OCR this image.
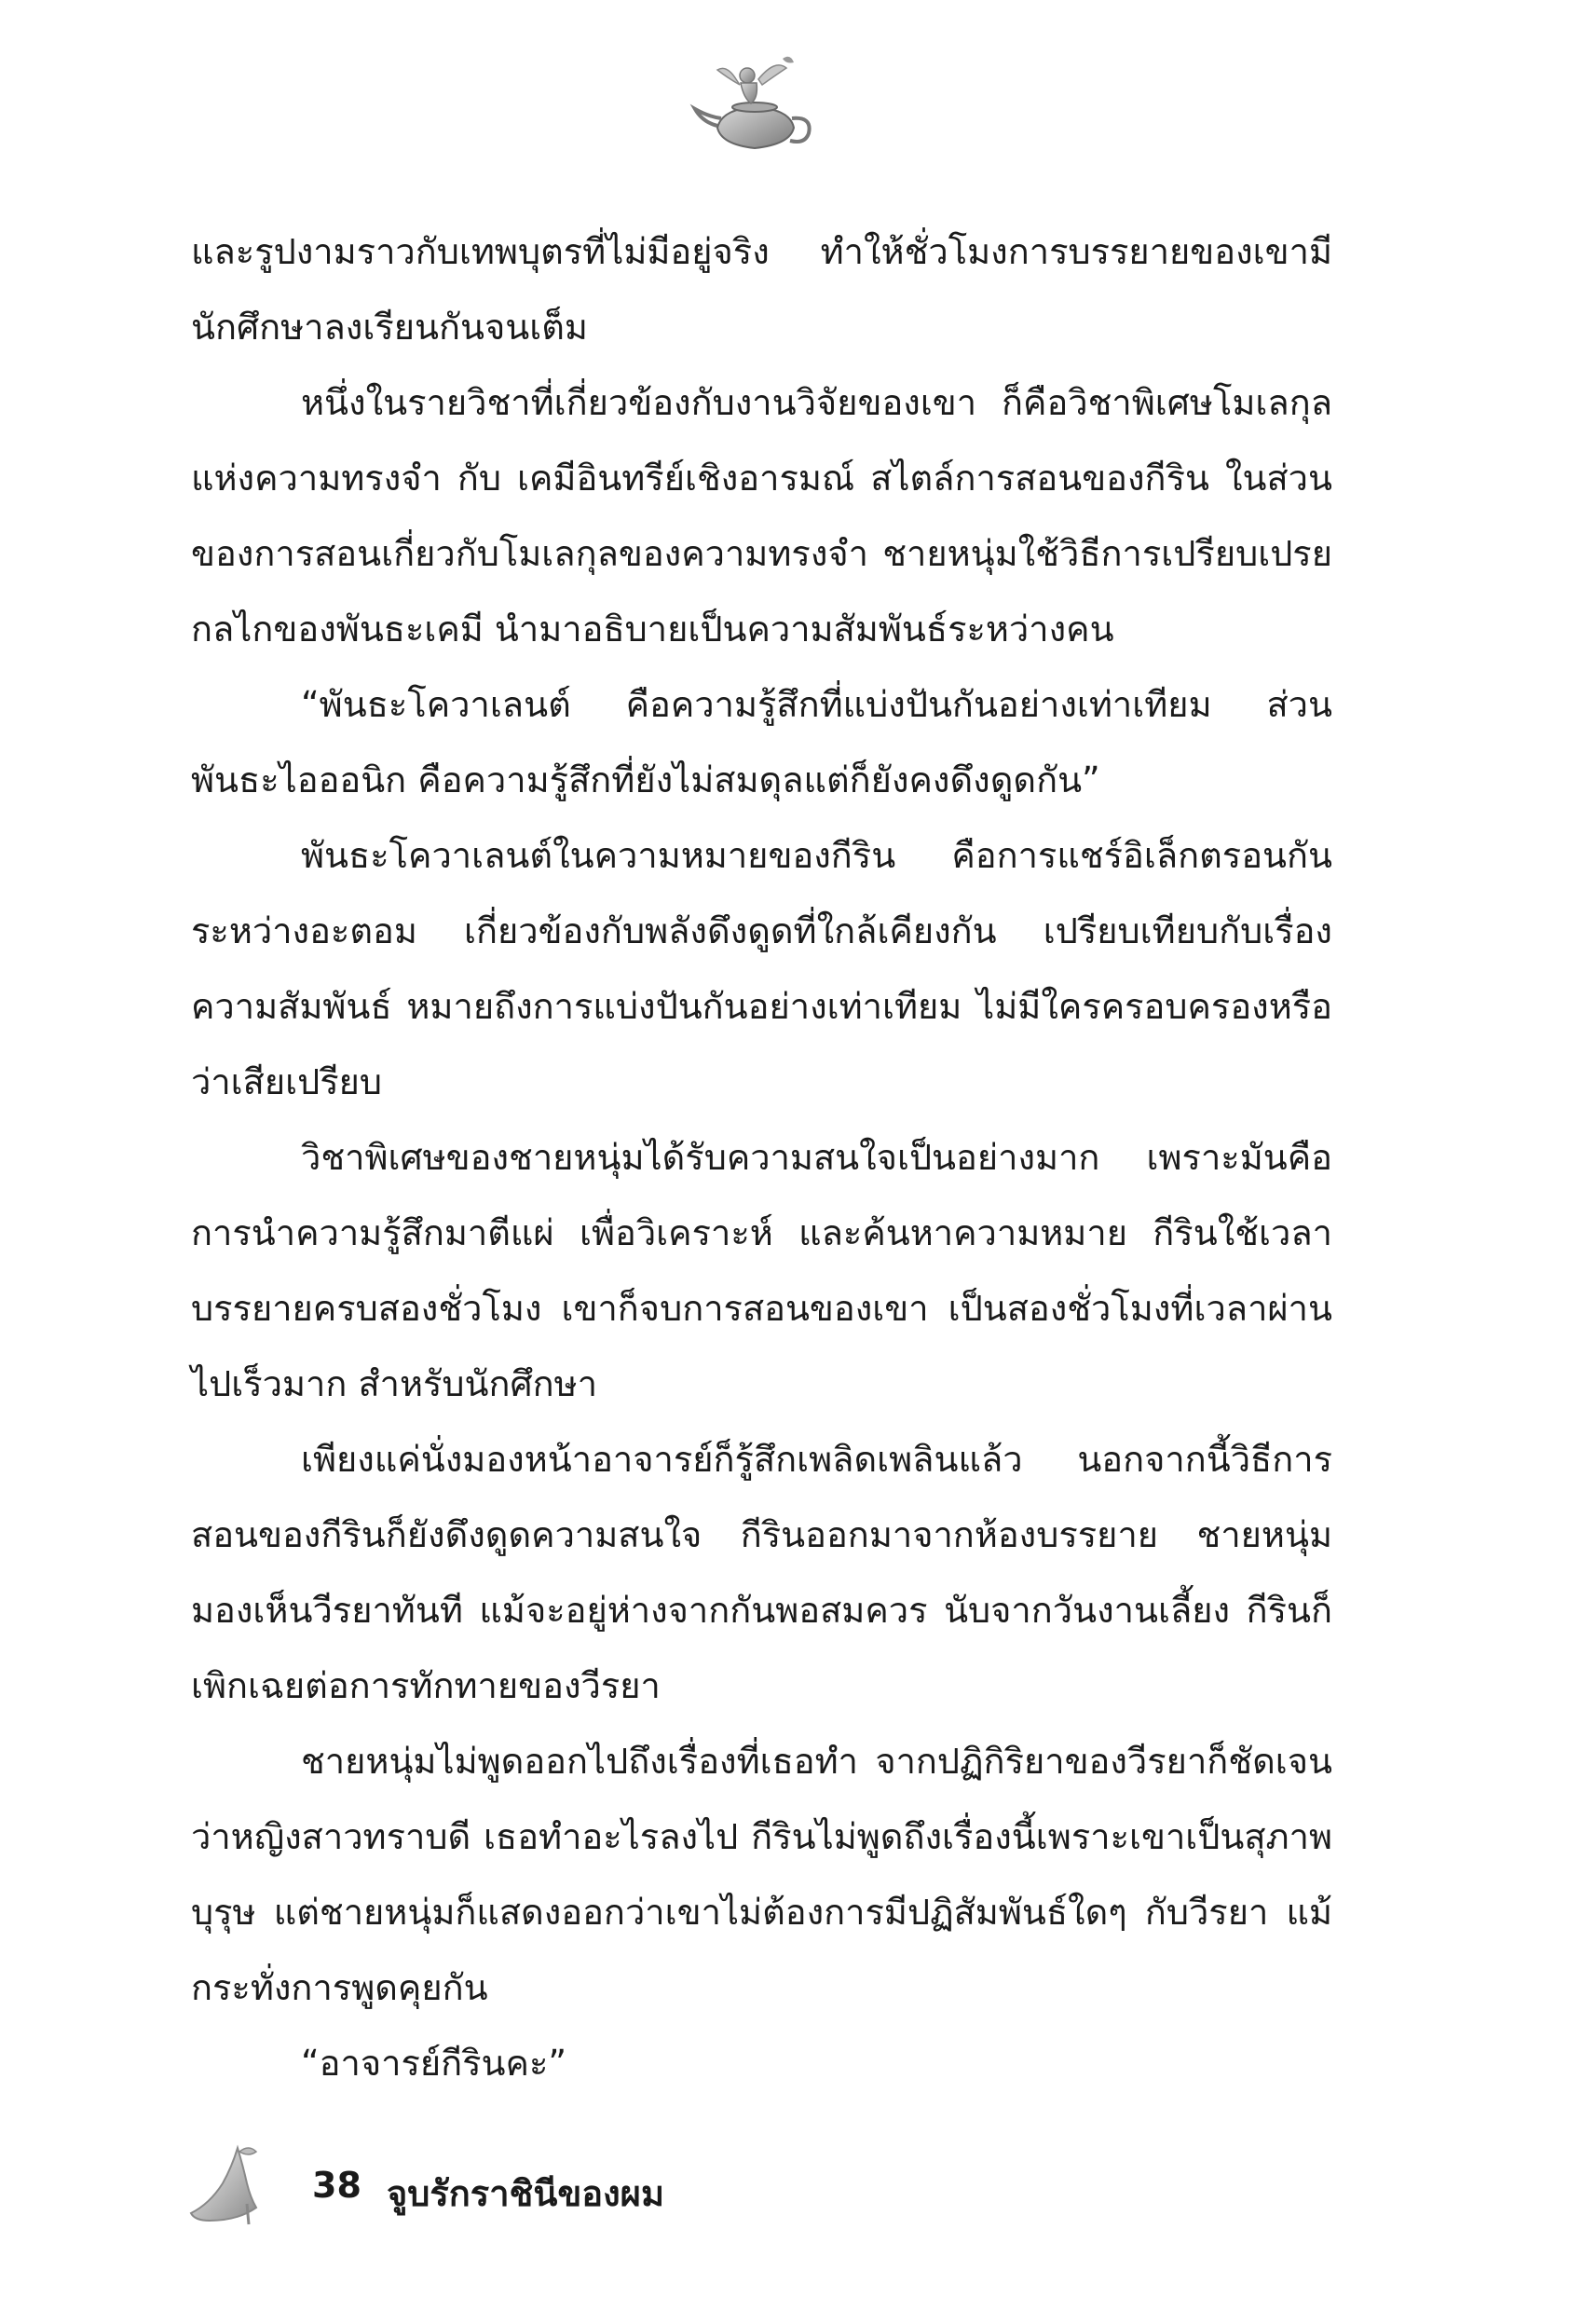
และรูปงามราวกับเทพบุตรที่ไม่มีอยู่จริง ทำให้ชั่วโมงการบรรยายของเขามีนักศึกษาลงเรียนกันจนเต็ม

หนึ่งในรายวิชาที่เกี่ยวข้องกับงานวิจัยของเขา ก็คือวิชาพิเศษโมเลกุลแห่งความทรงจำ กับ เคมีอินทรีย์เชิงอารมณ์ สไตล์การสอนของกีริน ในส่วนของการสอนเกี่ยวกับโมเลกุลของความทรงจำ ชายหนุ่มใช้วิธีการเปรียบเปรย กลไกของพันธะเคมี นำมาอธิบายเป็นความสัมพันธ์ระหว่างคน

“พันธะโควาเลนต์ คือความรู้สึกที่แบ่งปันกันอย่างเท่าเทียม ส่วนพันธะไอออนิก คือความรู้สึกที่ยังไม่สมดุลแต่ก็ยังคงดึงดูดกัน”

พันธะโควาเลนต์ในความหมายของกีริน คือการแชร์อิเล็กตรอนกันระหว่างอะตอม เกี่ยวข้องกับพลังดึงดูดที่ใกล้เคียงกัน เปรียบเทียบกับเรื่องความสัมพันธ์ หมายถึงการแบ่งปันกันอย่างเท่าเทียม ไม่มีใครครอบครองหรือว่าเสียเปรียบ

วิชาพิเศษของชายหนุ่มได้รับความสนใจเป็นอย่างมาก เพราะมันคือการนำความรู้สึกมาตีแผ่ เพื่อวิเคราะห์ และค้นหาความหมาย กีรินใช้เวลาบรรยายครบสองชั่วโมง เขาก็จบการสอนของเขา เป็นสองชั่วโมงที่เวลาผ่านไปเร็วมาก สำหรับนักศึกษา

เพียงแค่นั่งมองหน้าอาจารย์ก็รู้สึกเพลิดเพลินแล้ว นอกจากนี้วิธีการสอนของกีรินก็ยังดึงดูดความสนใจ กีรินออกมาจากห้องบรรยาย ชายหนุ่มมองเห็นวีรยาทันที แม้จะอยู่ห่างจากกันพอสมควร นับจากวันงานเลี้ยง กีรินก็เพิกเฉยต่อการทักทายของวีรยา

ชายหนุ่มไม่พูดออกไปถึงเรื่องที่เธอทำ จากปฏิกิริยาของวีรยาก็ชัดเจนว่าหญิงสาวทราบดี เธอทำอะไรลงไป กีรินไม่พูดถึงเรื่องนี้เพราะเขาเป็นสุภาพบุรุษ แต่ชายหนุ่มก็แสดงออกว่าเขาไม่ต้องการมีปฏิสัมพันธ์ใดๆ กับวีรยา แม้กระทั่งการพูดคุยกัน

“อาจารย์กีรินคะ”

38 จูบรักราชินีของผม
